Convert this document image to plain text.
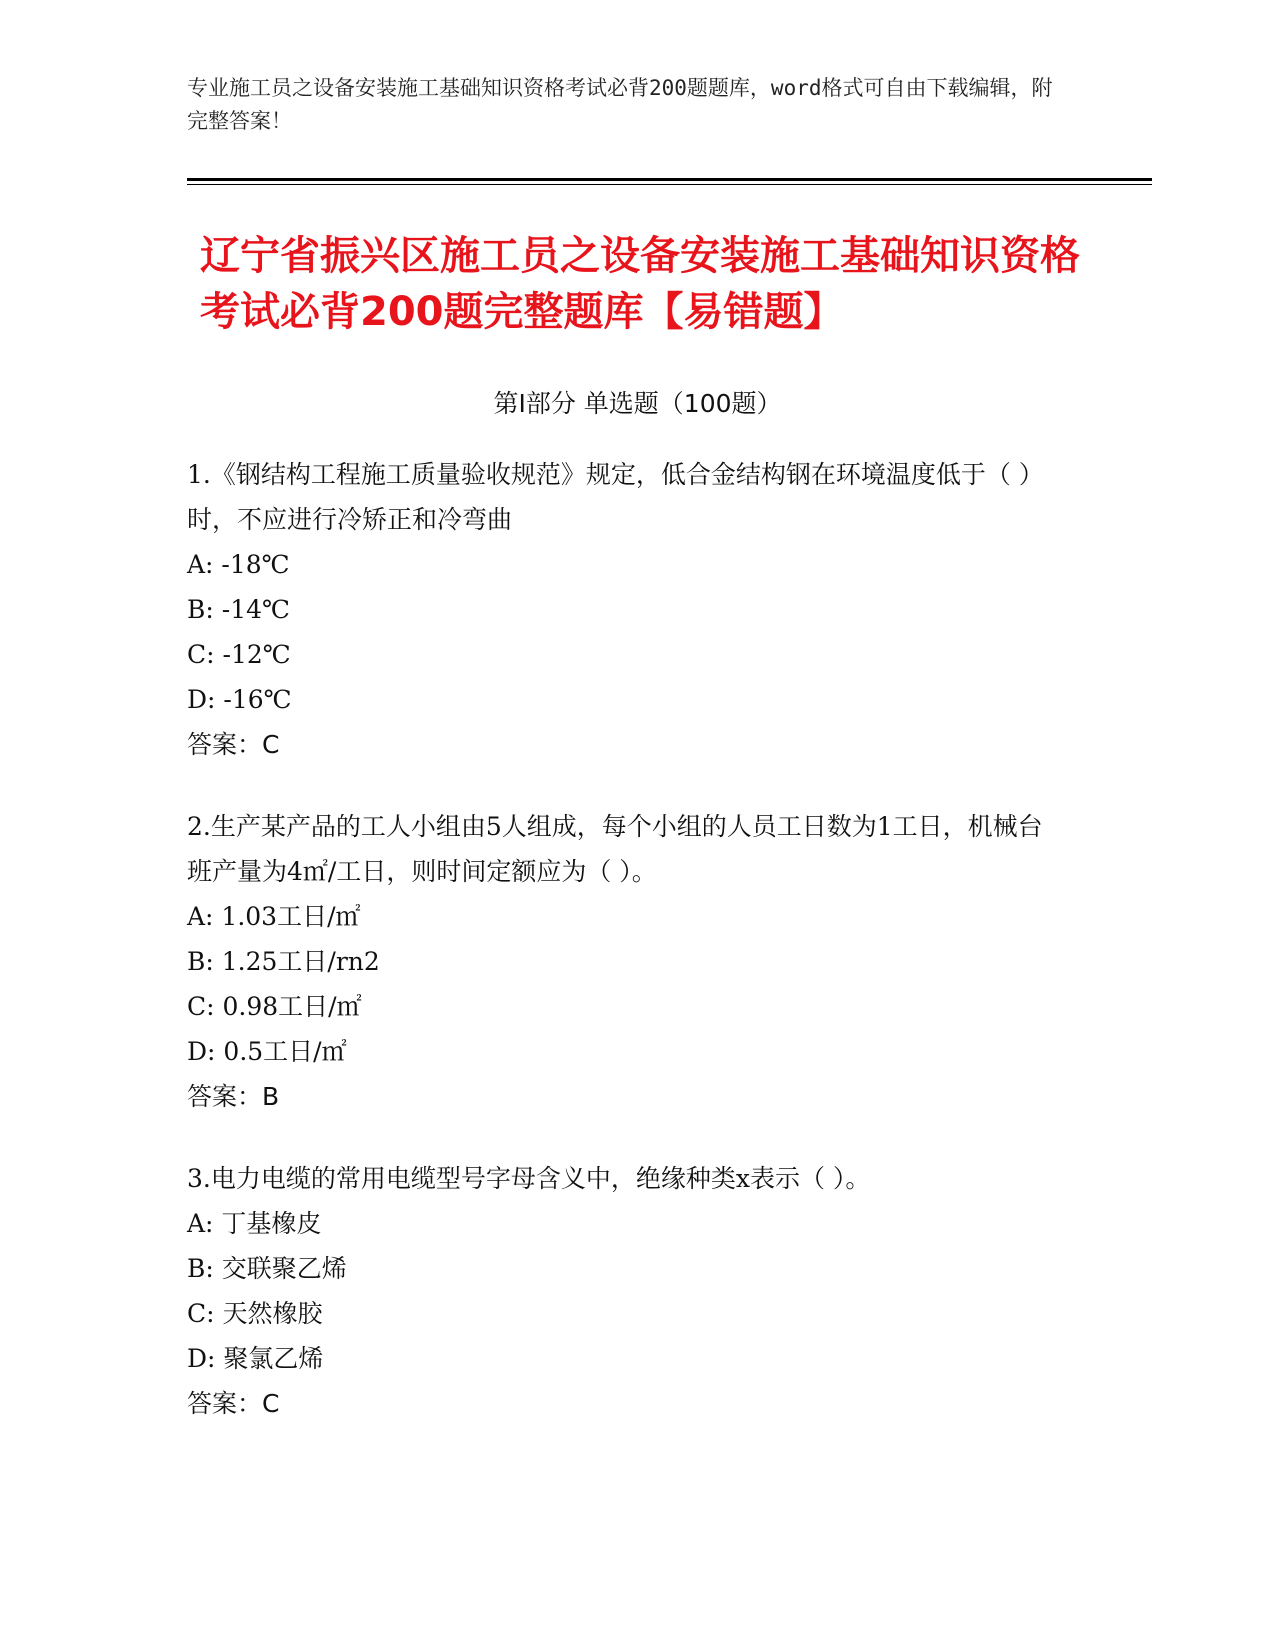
专业施工员之设备安装施工基础知识资格考试必背200题题库，word格式可自由下载编辑，附完整答案！
辽宁省振兴区施工员之设备安装施工基础知识资格考试必背200题完整题库【易错题】
第Ⅰ部分 单选题（100题）

1.《钢结构工程施工质量验收规范》规定，低合金结构钢在环境温度低于（ ）时，不应进行冷矫正和冷弯曲

A: -18℃

B: -14℃

C: -12℃

D: -16℃

答案：C

2.生产某产品的工人小组由5人组成，每个小组的人员工日数为1工日，机械台班产量为4㎡/工日，则时间定额应为（ ）。

A: 1.03工日/㎡

B: 1.25工日/rn2

C: 0.98工日/㎡

D: 0.5工日/㎡

答案：B

3.电力电缆的常用电缆型号字母含义中，绝缘种类x表示（ ）。

A: 丁基橡皮

B: 交联聚乙烯

C: 天然橡胶

D: 聚氯乙烯

答案：C
